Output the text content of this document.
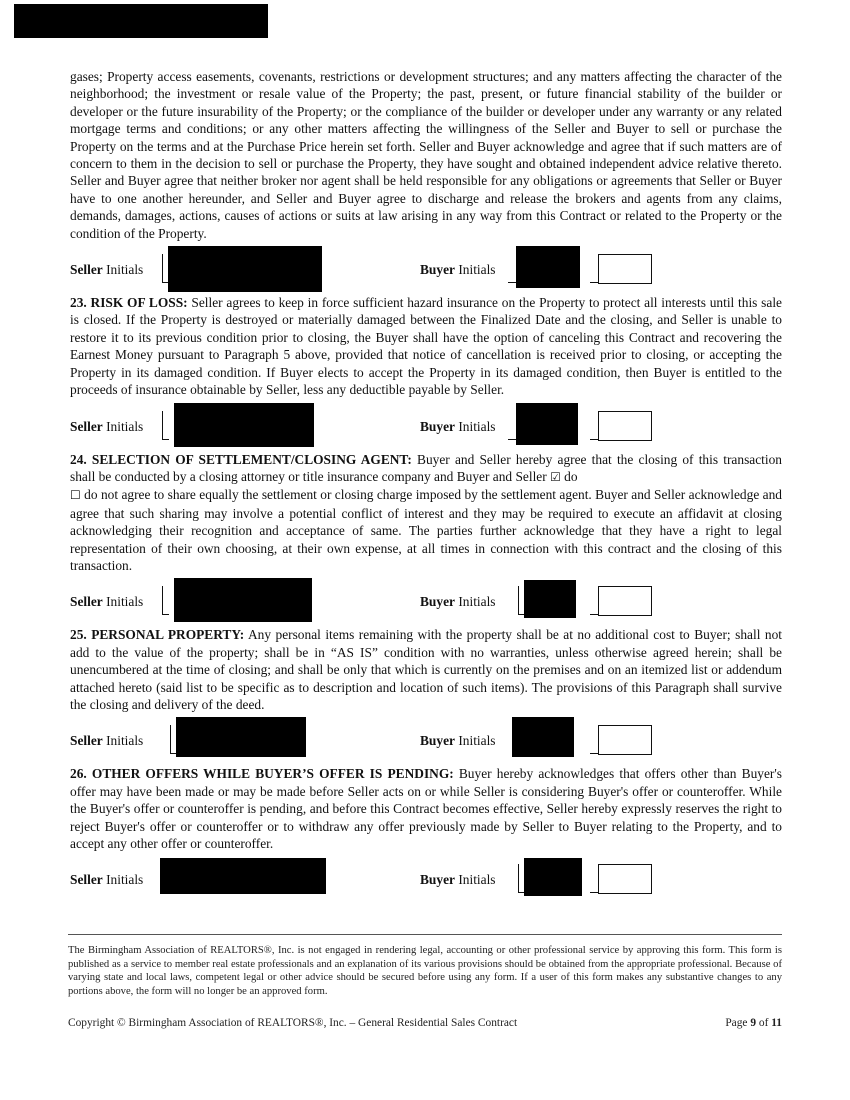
gases; Property access easements, covenants, restrictions or development structures; and any matters affecting the character of the neighborhood; the investment or resale value of the Property; the past, present, or future financial stability of the builder or developer or the future insurability of the Property; or the compliance of the builder or developer under any warranty or any related mortgage terms and conditions; or any other matters affecting the willingness of the Seller and Buyer to sell or purchase the Property on the terms and at the Purchase Price herein set forth. Seller and Buyer acknowledge and agree that if such matters are of concern to them in the decision to sell or purchase the Property, they have sought and obtained independent advice relative thereto. Seller and Buyer agree that neither broker nor agent shall be held responsible for any obligations or agreements that Seller or Buyer have to one another hereunder, and Seller and Buyer agree to discharge and release the brokers and agents from any claims, demands, damages, actions, causes of actions or suits at law arising in any way from this Contract or related to the Property or the condition of the Property.

Seller Initials	Buyer Initials

23. RISK OF LOSS: Seller agrees to keep in force sufficient hazard insurance on the Property to protect all interests until this sale is closed. If the Property is destroyed or materially damaged between the Finalized Date and the closing, and Seller is unable to restore it to its previous condition prior to closing, the Buyer shall have the option of canceling this Contract and recovering the Earnest Money pursuant to Paragraph 5 above, provided that notice of cancellation is received prior to closing, or accepting the Property in its damaged condition. If Buyer elects to accept the Property in its damaged condition, then Buyer is entitled to the proceeds of insurance obtainable by Seller, less any deductible payable by Seller.

Seller Initials	Buyer Initials

24. SELECTION OF SETTLEMENT/CLOSING AGENT: Buyer and Seller hereby agree that the closing of this transaction shall be conducted by a closing attorney or title insurance company and Buyer and Seller ☑ do
☐ do not agree to share equally the settlement or closing charge imposed by the settlement agent. Buyer and Seller acknowledge and agree that such sharing may involve a potential conflict of interest and they may be required to execute an affidavit at closing acknowledging their recognition and acceptance of same. The parties further acknowledge that they have a right to legal representation of their own choosing, at their own expense, at all times in connection with this contract and the closing of this transaction.

Seller Initials	Buyer Initials

25. PERSONAL PROPERTY: Any personal items remaining with the property shall be at no additional cost to Buyer; shall not add to the value of the property; shall be in “AS IS” condition with no warranties, unless otherwise agreed herein; shall be unencumbered at the time of closing; and shall be only that which is currently on the premises and on an itemized list or addendum attached hereto (said list to be specific as to description and location of such items). The provisions of this Paragraph shall survive the closing and delivery of the deed.

Seller Initials	Buyer Initials

26. OTHER OFFERS WHILE BUYER’S OFFER IS PENDING: Buyer hereby acknowledges that offers other than Buyer's offer may have been made or may be made before Seller acts on or while Seller is considering Buyer's offer or counteroffer. While the Buyer's offer or counteroffer is pending, and before this Contract becomes effective, Seller hereby expressly reserves the right to reject Buyer's offer or counteroffer or to withdraw any offer previously made by Seller to Buyer relating to the Property, and to accept any other offer or counteroffer.

Seller Initials	Buyer Initials
The Birmingham Association of REALTORS®, Inc. is not engaged in rendering legal, accounting or other professional service by approving this form. This form is published as a service to member real estate professionals and an explanation of its various provisions should be obtained from the appropriate professional. Because of varying state and local laws, competent legal or other advice should be secured before using any form. If a user of this form makes any substantive changes to any portions above, the form will no longer be an approved form.
Copyright © Birmingham Association of REALTORS®, Inc. – General Residential Sales Contract	Page 9 of 11
